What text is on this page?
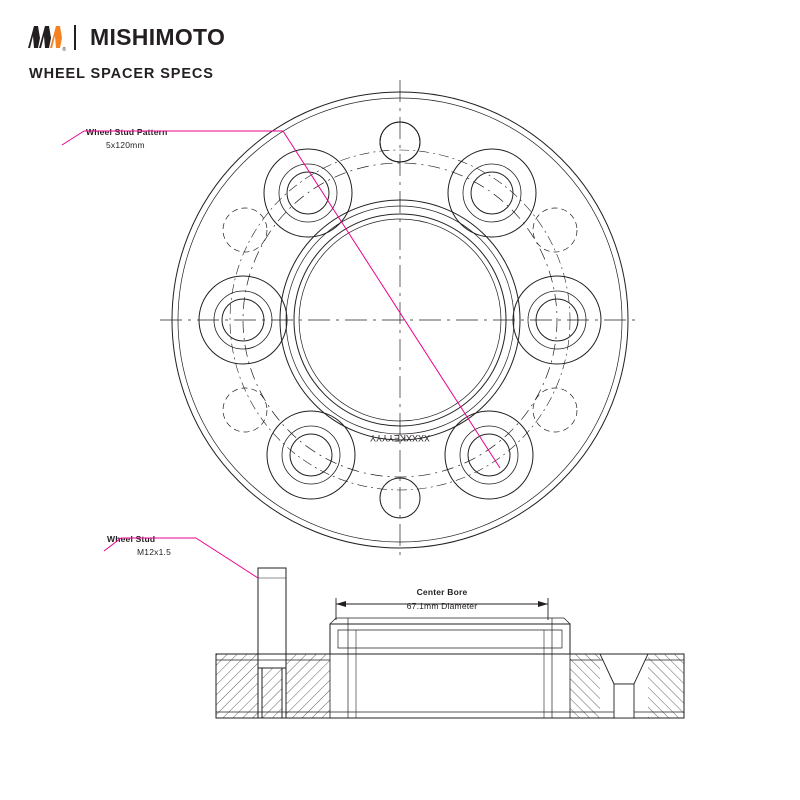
®
MISHIMOTO
WHEEL SPACER SPECS
Wheel Stud Pattern
5x120mm
Wheel Stud
M12x1.5
Center Bore
67.1mm Diameter
XXXXKEYYYY
